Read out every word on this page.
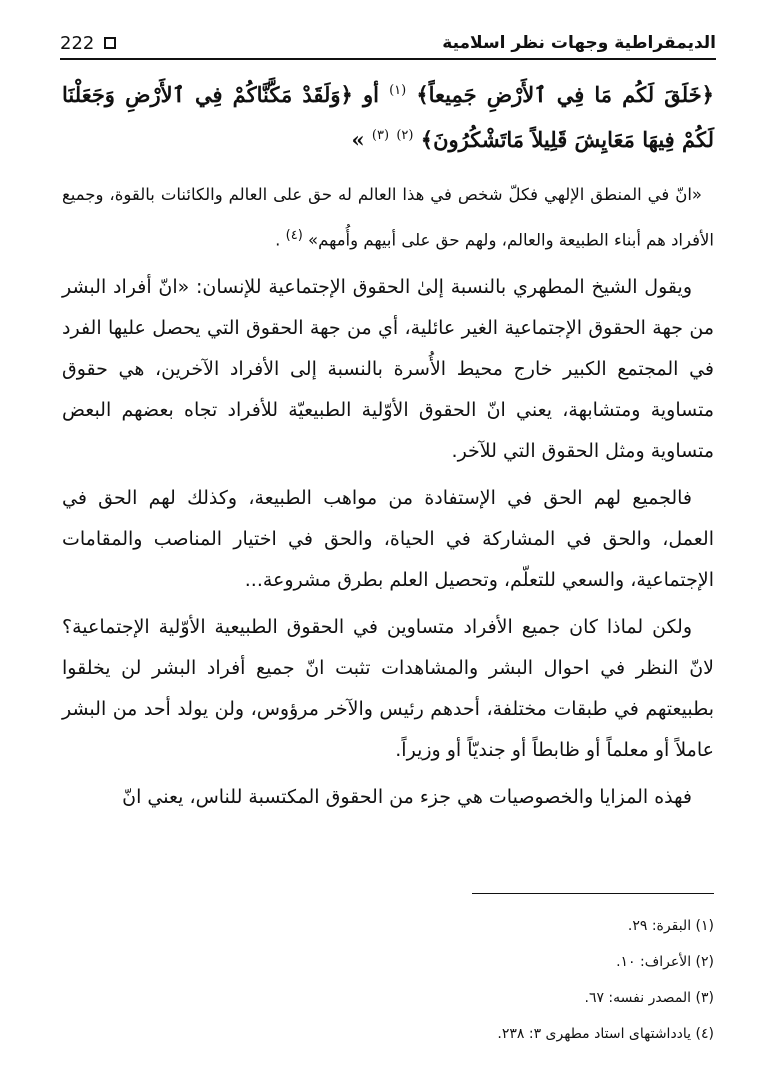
الديمقراطية وجهات نظر اسلامية
222

﴿خَلَقَ لَكُم مَا فِي ٱلأَرْضِ جَمِيعاً﴾ $^{(١)}$ أو ﴿وَلَقَدْ مَكَّنَّاكُمْ فِي ٱلأَرْضِ وَجَعَلْنَا لَكُمْ فِيهَا مَعَايِشَ قَلِيلاً مَاتَشْكُرُونَ﴾ $^{(٢)}$ $^{(٣)}$ »

«انّ في المنطق الإلهي فكلّ شخص في هذا العالم له حق على العالم والكائنات بالقوة، وجميع الأفراد هم أبناء الطبيعة والعالم، ولهم حق على أبيهم وأُمهم» $^{(٤)}$ .

ويقول الشيخ المطهري بالنسبة إلىٰ الحقوق الإجتماعية للإنسان: «انّ أفراد البشر من جهة الحقوق الإجتماعية الغير عائلية، أي من جهة الحقوق التي يحصل عليها الفرد في المجتمع الكبير خارج محيط الأُسرة بالنسبة إلى الأفراد الآخرين، هي حقوق متساوية ومتشابهة، يعني انّ الحقوق الأوّلية الطبيعيّة للأفراد تجاه بعضهم البعض متساوية ومثل الحقوق التي للآخر.

فالجميع لهم الحق في الإستفادة من مواهب الطبيعة، وكذلك لهم الحق في العمل، والحق في المشاركة في الحياة، والحق في اختيار المناصب والمقامات الإجتماعية، والسعي للتعلّم، وتحصيل العلم بطرق مشروعة...

ولكن لماذا كان جميع الأفراد متساوين في الحقوق الطبيعية الأوّلية الإجتماعية؟ لانّ النظر في احوال البشر والمشاهدات تثبت انّ جميع أفراد البشر لن يخلقوا بطبيعتهم في طبقات مختلفة، أحدهم رئيس والآخر مرؤوس، ولن يولد أحد من البشر عاملاً أو معلماً أو ظابطاً أو جنديّاً أو وزيراً.

فهذه المزايا والخصوصيات هي جزء من الحقوق المكتسبة للناس، يعني انّ

(١) البقرة: ٢٩.
(٢) الأعراف: ١٠.
(٣) المصدر نفسه: ٦٧.
(٤) يادداشتهاى استاد مطهرى ٣: ٢٣٨.
